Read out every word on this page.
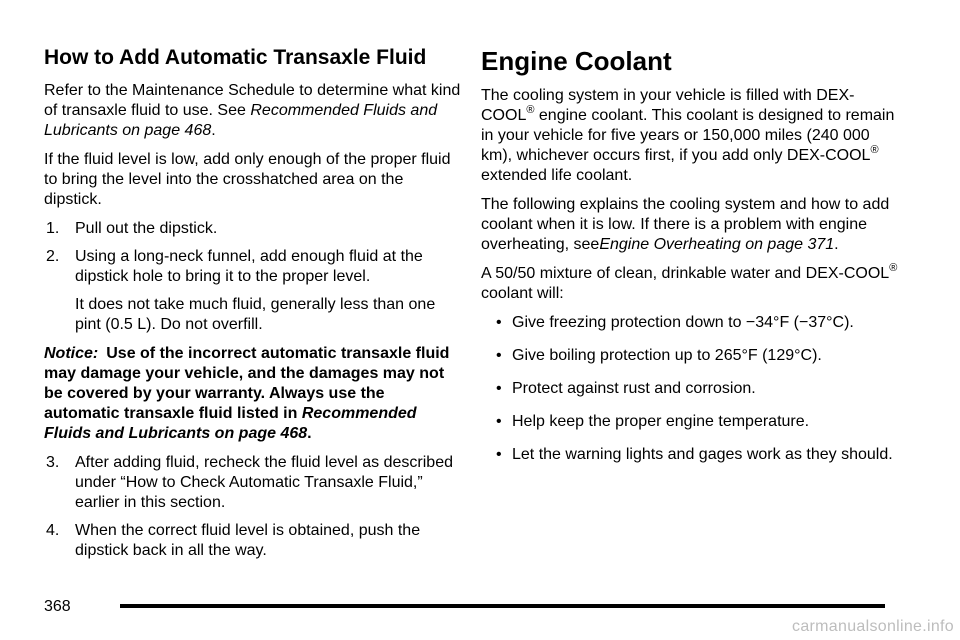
How to Add Automatic Transaxle Fluid

Refer to the Maintenance Schedule to determine what kind of transaxle fluid to use. See Recommended Fluids and Lubricants on page 468.

If the fluid level is low, add only enough of the proper fluid to bring the level into the crosshatched area on the dipstick.

1. Pull out the dipstick.
2. Using a long-neck funnel, add enough fluid at the dipstick hole to bring it to the proper level.

It does not take much fluid, generally less than one pint (0.5 L). Do not overfill.

Notice: Use of the incorrect automatic transaxle fluid may damage your vehicle, and the damages may not be covered by your warranty. Always use the automatic transaxle fluid listed in Recommended Fluids and Lubricants on page 468.

3. After adding fluid, recheck the fluid level as described under “How to Check Automatic Transaxle Fluid,” earlier in this section.
4. When the correct fluid level is obtained, push the dipstick back in all the way.
Engine Coolant

The cooling system in your vehicle is filled with DEX-COOL® engine coolant. This coolant is designed to remain in your vehicle for five years or 150,000 miles (240 000 km), whichever occurs first, if you add only DEX-COOL® extended life coolant.

The following explains the cooling system and how to add coolant when it is low. If there is a problem with engine overheating, seeEngine Overheating on page 371.

A 50/50 mixture of clean, drinkable water and DEX-COOL® coolant will:

• Give freezing protection down to −34°F (−37°C).
• Give boiling protection up to 265°F (129°C).
• Protect against rust and corrosion.
• Help keep the proper engine temperature.
• Let the warning lights and gages work as they should.
368
carmanualsonline.info
